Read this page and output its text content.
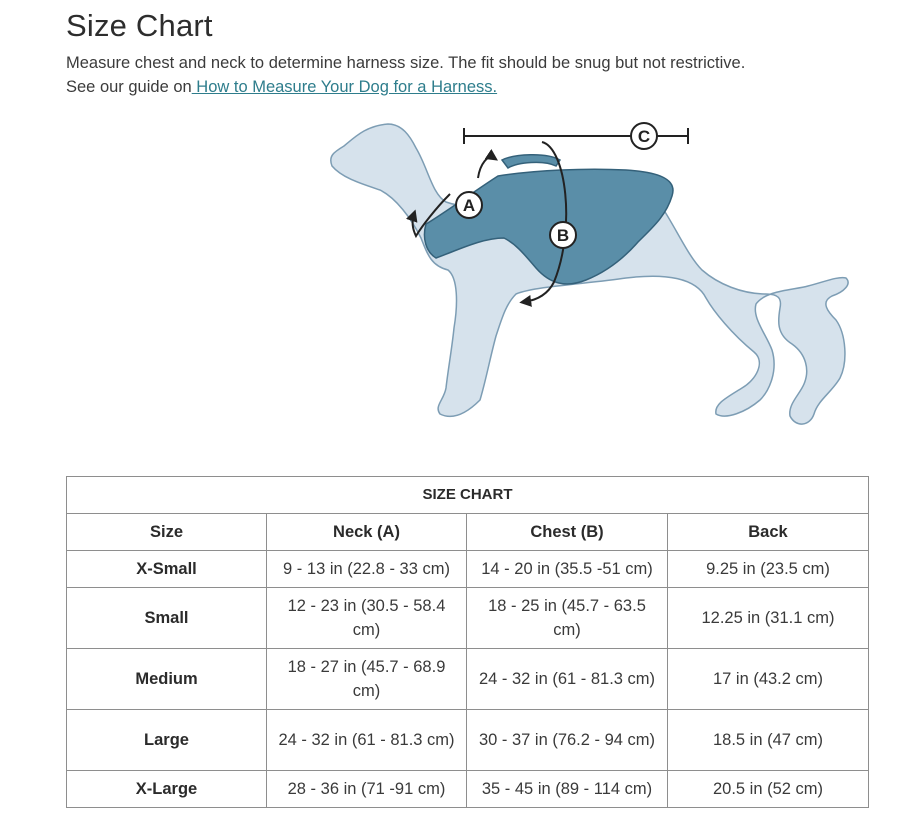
Size Chart
Measure chest and neck to determine harness size. The fit should be snug but not restrictive.
See our guide on How to Measure Your Dog for a Harness.
C
A
B
SIZE CHART			
Size	Neck (A)	Chest (B)	Back
X-Small	9 - 13 in (22.8 - 33 cm)	14 - 20 in (35.5 -51 cm)	9.25 in (23.5 cm)
Small	12 - 23 in (30.5 - 58.4 cm)	18 - 25 in (45.7 - 63.5 cm)	12.25 in (31.1 cm)
Medium	18 - 27 in (45.7 - 68.9 cm)	24 - 32 in (61 - 81.3 cm)	17 in (43.2 cm)
Large	24 - 32 in (61 - 81.3 cm)	30 - 37 in (76.2 - 94 cm)	18.5 in (47 cm)
X-Large	28 - 36 in (71 -91 cm)	35 - 45 in (89 - 114 cm)	20.5 in (52 cm)
